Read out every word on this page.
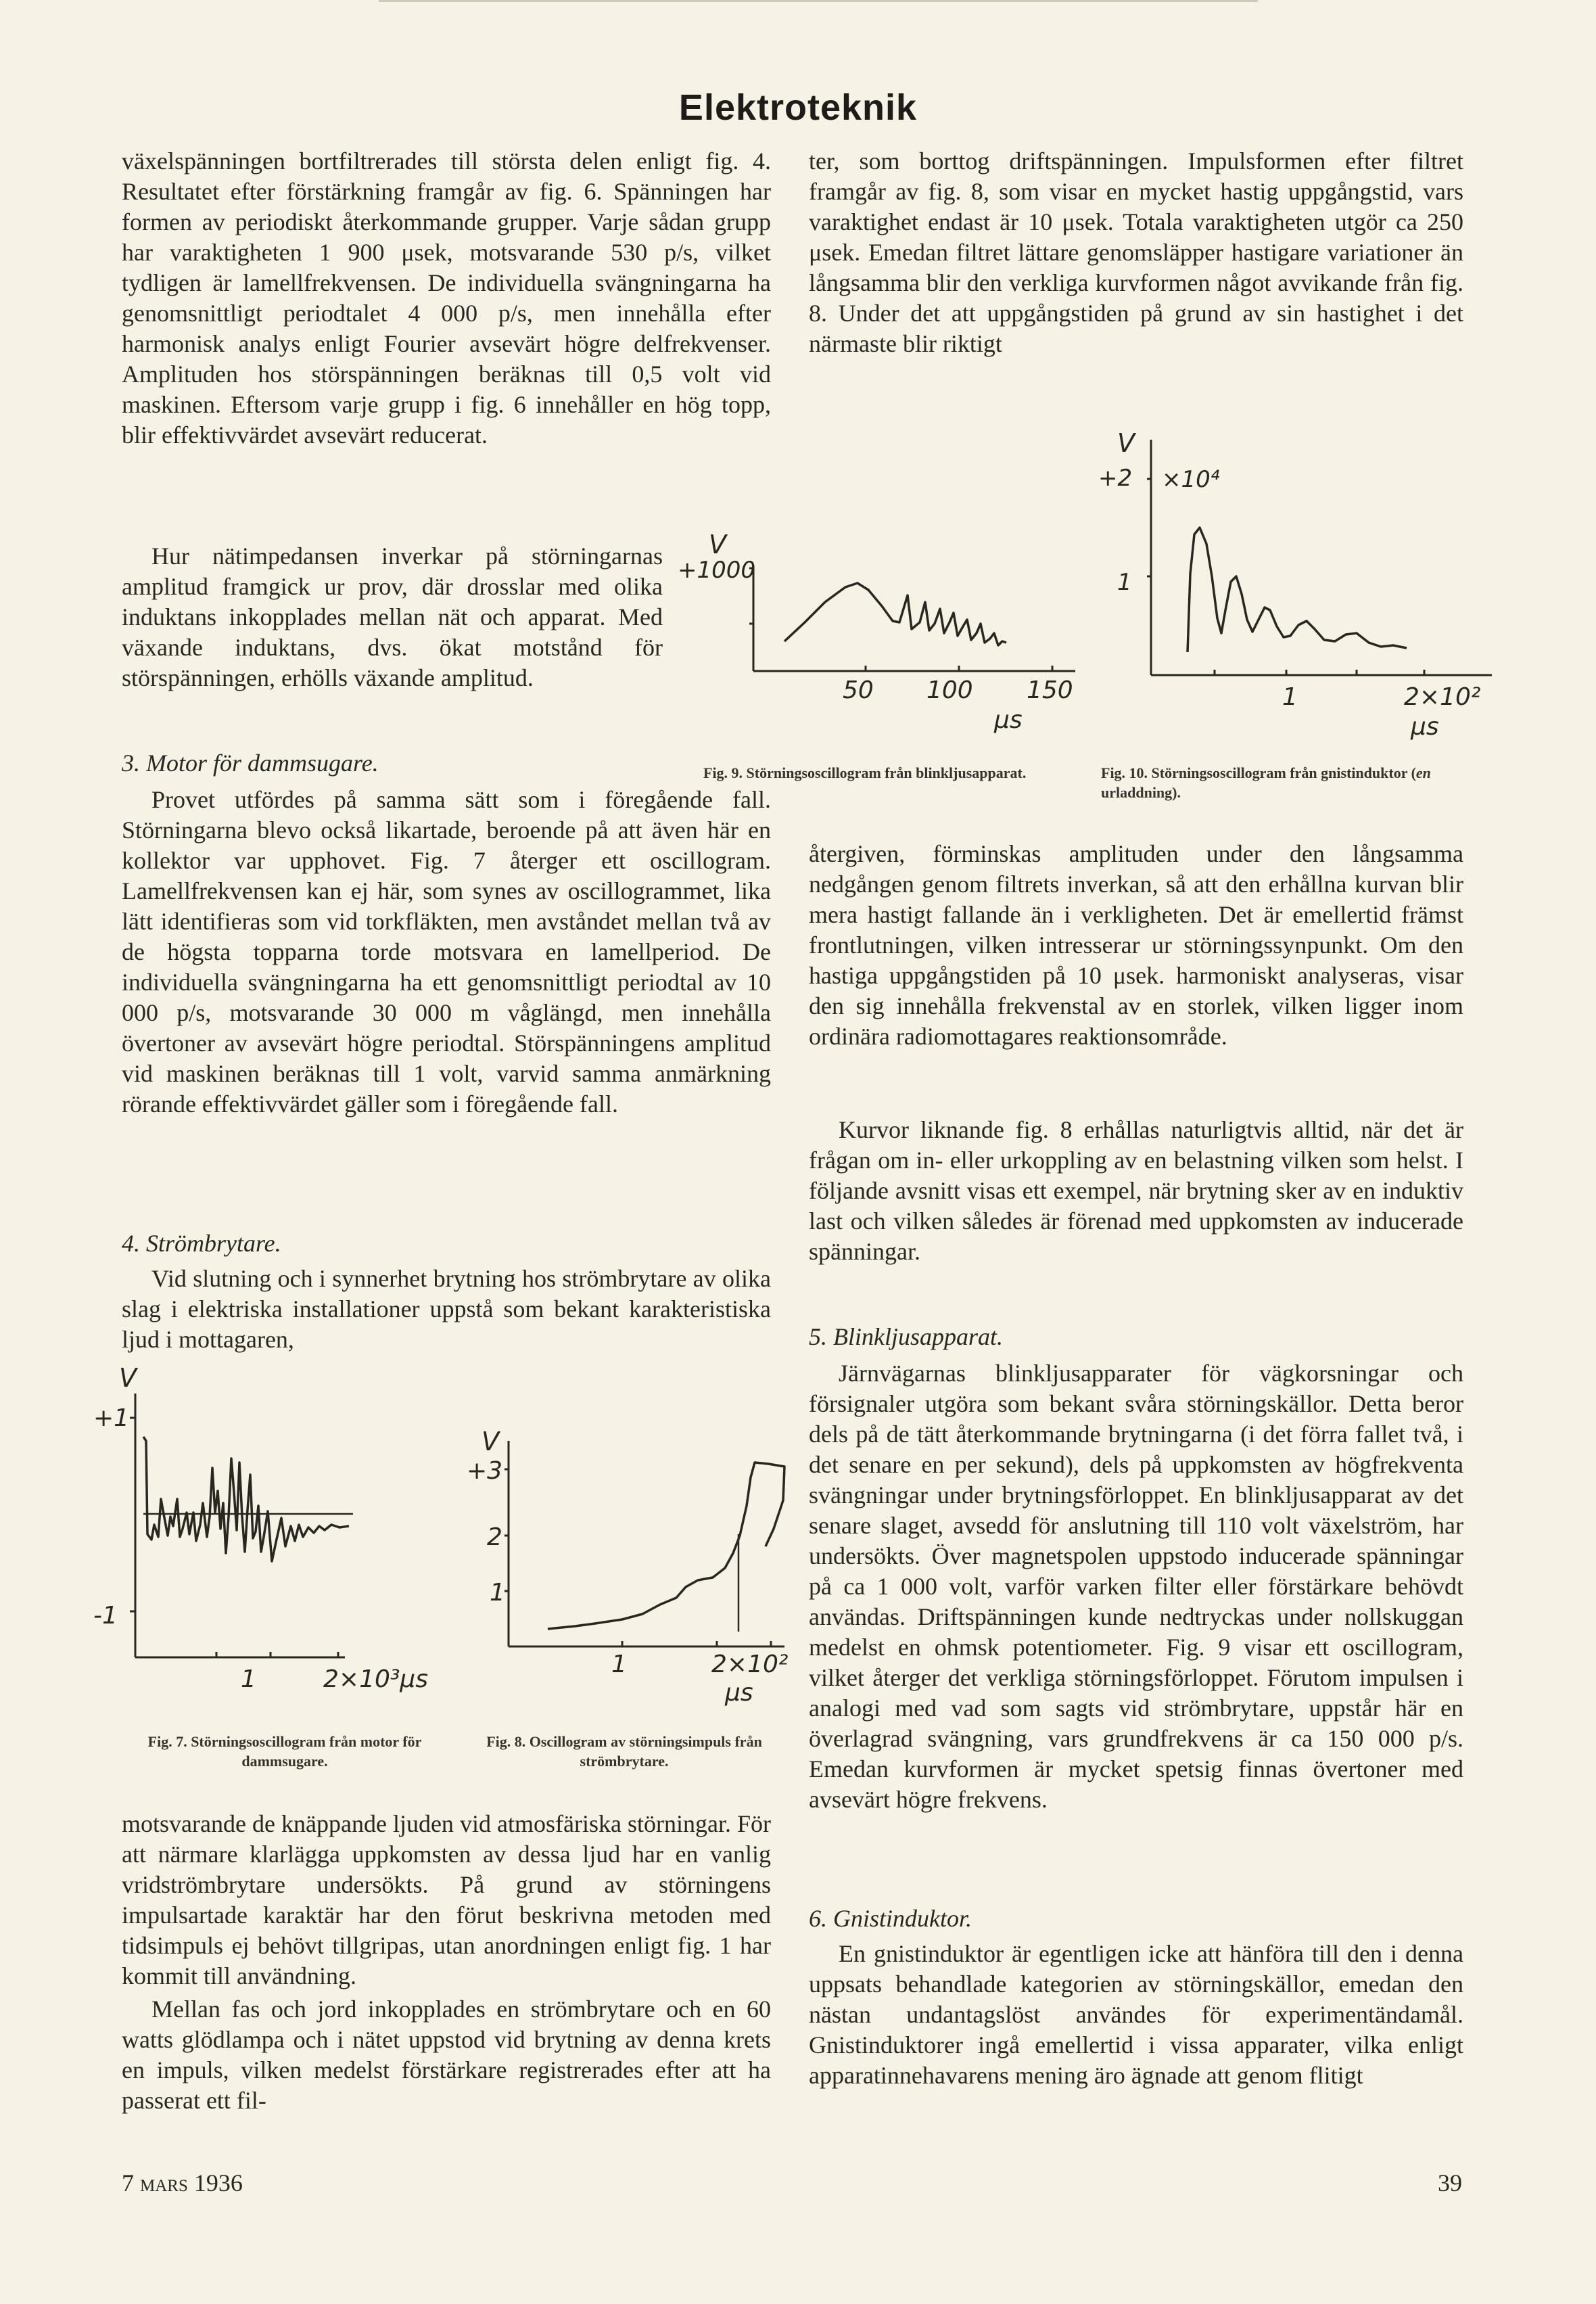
Elektroteknik

växelspänningen bortfiltrerades till största delen enligt fig. 4. Resultatet efter förstärkning framgår av fig. 6. Spänningen har formen av periodiskt återkommande grupper. Varje sådan grupp har varaktigheten 1 900 μsek, motsvarande 530 p/s, vilket tydligen är lamellfrekvensen. De individuella svängningarna ha genomsnittligt periodtalet 4 000 p/s, men innehålla efter harmonisk analys enligt Fourier avsevärt högre delfrekvenser. Amplituden hos störspänningen beräknas till 0,5 volt vid maskinen. Eftersom varje grupp i fig. 6 innehåller en hög topp, blir effektivvärdet avsevärt reducerat.

Hur nätimpedansen inverkar på störningarnas amplitud framgick ur prov, där drosslar med olika induktans inkopplades mellan nät och apparat. Med växande induktans, dvs. ökat motstånd för störspänningen, erhölls växande amplitud.

3. Motor för dammsugare.

Provet utfördes på samma sätt som i föregående fall. Störningarna blevo också likartade, beroende på att även här en kollektor var upphovet. Fig. 7 återger ett oscillogram. Lamellfrekvensen kan ej här, som synes av oscillogrammet, lika lätt identifieras som vid torkfläkten, men avståndet mellan två av de högsta topparna torde motsvara en lamellperiod. De individuella svängningarna ha ett genomsnittligt periodtal av 10 000 p/s, motsvarande 30 000 m våglängd, men innehålla övertoner av avsevärt högre periodtal. Störspänningens amplitud vid maskinen beräknas till 1 volt, varvid samma anmärkning rörande effektivvärdet gäller som i föregående fall.

4. Strömbrytare.

Vid slutning och i synnerhet brytning hos strömbrytare av olika slag i elektriska installationer uppstå som bekant karakteristiska ljud i mottagaren,

V
+1
-1
1	2×10³μs

Fig. 7. Störningsoscillogram från motor för dammsugare.

V
+3
2
1
1	2×10²
μs

Fig. 8. Oscillogram av störningsimpuls från strömbrytare.

motsvarande de knäppande ljuden vid atmosfäriska störningar. För att närmare klarlägga uppkomsten av dessa ljud har en vanlig vridströmbrytare undersökts. På grund av störningens impulsartade karaktär har den förut beskrivna metoden med tidsimpuls ej behövt tillgripas, utan anordningen enligt fig. 1 har kommit till användning.

Mellan fas och jord inkopplades en strömbrytare och en 60 watts glödlampa och i nätet uppstod vid brytning av denna krets en impuls, vilken medelst förstärkare registrerades efter att ha passerat ett fil-

ter, som borttog driftspänningen. Impulsformen efter filtret framgår av fig. 8, som visar en mycket hastig uppgångstid, vars varaktighet endast är 10 μsek. Totala varaktigheten utgör ca 250 μsek. Emedan filtret lättare genomsläpper hastigare variationer än långsamma blir den verkliga kurvformen något avvikande från fig. 8. Under det att uppgångstiden på grund av sin hastighet i det närmaste blir riktigt

V
+1000
50 100 150
μs

Fig. 9. Störningsoscillogram från blinkljusapparat.

V
+2 ×10⁴
1
1	2×10²
μs

Fig. 10. Störningsoscillogram från gnistinduktor (en urladdning).

återgiven, förminskas amplituden under den långsamma nedgången genom filtrets inverkan, så att den erhållna kurvan blir mera hastigt fallande än i verkligheten. Det är emellertid främst frontlutningen, vilken intresserar ur störningssynpunkt. Om den hastiga uppgångstiden på 10 μsek. harmoniskt analyseras, visar den sig innehålla frekvenstal av en storlek, vilken ligger inom ordinära radiomottagares reaktionsområde.

Kurvor liknande fig. 8 erhållas naturligtvis alltid, när det är frågan om in- eller urkoppling av en belastning vilken som helst. I följande avsnitt visas ett exempel, när brytning sker av en induktiv last och vilken således är förenad med uppkomsten av inducerade spänningar.

5. Blinkljusapparat.

Järnvägarnas blinkljusapparater för vägkorsningar och försignaler utgöra som bekant svåra störningskällor. Detta beror dels på de tätt återkommande brytningarna (i det förra fallet två, i det senare en per sekund), dels på uppkomsten av högfrekventa svängningar under brytningsförloppet. En blinkljusapparat av det senare slaget, avsedd för anslutning till 110 volt växelström, har undersökts. Över magnetspolen uppstodo inducerade spänningar på ca 1 000 volt, varför varken filter eller förstärkare behövdt användas. Driftspänningen kunde nedtryckas under nollskuggan medelst en ohmsk potentiometer. Fig. 9 visar ett oscillogram, vilket återger det verkliga störningsförloppet. Förutom impulsen i analogi med vad som sagts vid strömbrytare, uppstår här en överlagrad svängning, vars grundfrekvens är ca 150 000 p/s. Emedan kurvformen är mycket spetsig finnas övertoner med avsevärt högre frekvens.

6. Gnistinduktor.

En gnistinduktor är egentligen icke att hänföra till den i denna uppsats behandlade kategorien av störningskällor, emedan den nästan undantagslöst användes för experimentändamål. Gnistinduktorer ingå emellertid i vissa apparater, vilka enligt apparatinnehavarens mening äro ägnade att genom flitigt

7 mars 1936	39
